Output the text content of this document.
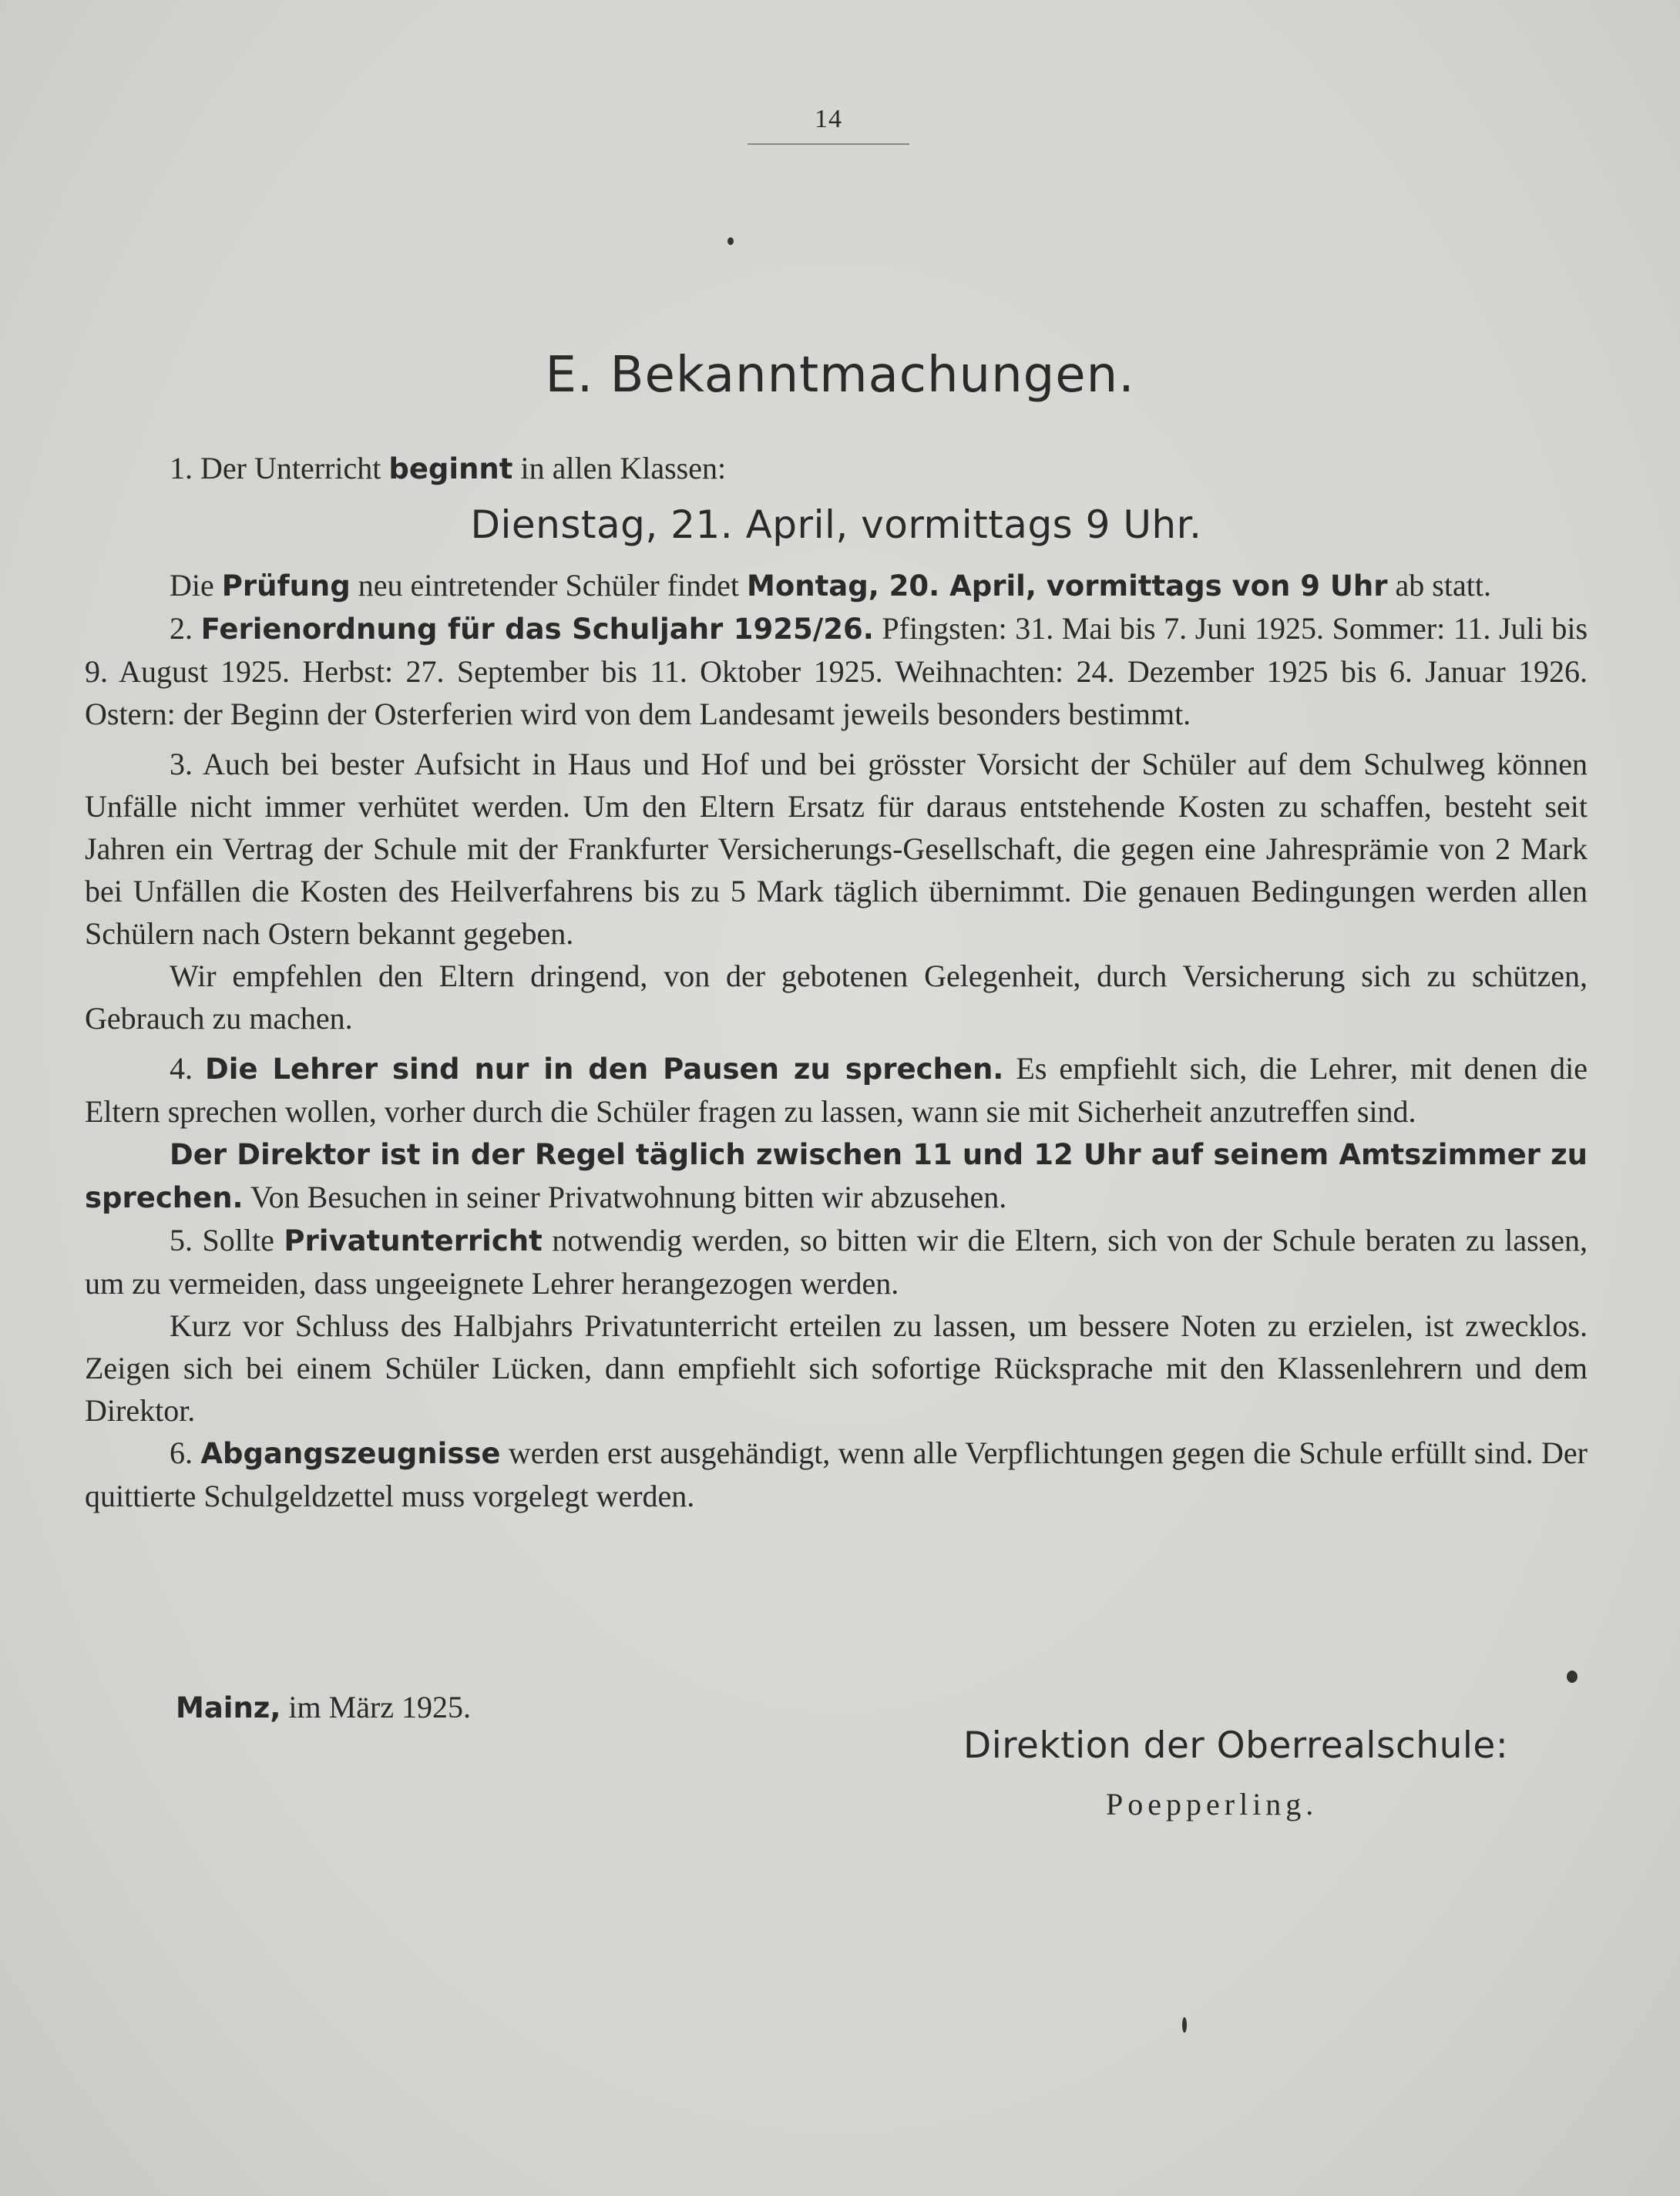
14
E. Bekanntmachungen.

1. Der Unterricht beginnt in allen Klassen:

Dienstag, 21. April, vormittags 9 Uhr.

Die Prüfung neu eintretender Schüler findet Montag, 20. April, vormittags von 9 Uhr ab statt.

2. Ferienordnung für das Schuljahr 1925/26. Pfingsten: 31. Mai bis 7. Juni 1925. Sommer: 11. Juli bis 9. August 1925. Herbst: 27. September bis 11. Oktober 1925. Weihnachten: 24. Dezember 1925 bis 6. Januar 1926. Ostern: der Beginn der Osterferien wird von dem Landesamt jeweils besonders bestimmt.

3. Auch bei bester Aufsicht in Haus und Hof und bei grösster Vorsicht der Schüler auf dem Schulweg können Unfälle nicht immer verhütet werden. Um den Eltern Ersatz für daraus entstehende Kosten zu schaffen, besteht seit Jahren ein Vertrag der Schule mit der Frankfurter Versicherungs-Gesellschaft, die gegen eine Jahresprämie von 2 Mark bei Unfällen die Kosten des Heilverfahrens bis zu 5 Mark täglich übernimmt. Die genauen Bedingungen werden allen Schülern nach Ostern bekannt gegeben.

Wir empfehlen den Eltern dringend, von der gebotenen Gelegenheit, durch Versicherung sich zu schützen, Gebrauch zu machen.

4. Die Lehrer sind nur in den Pausen zu sprechen. Es empfiehlt sich, die Lehrer, mit denen die Eltern sprechen wollen, vorher durch die Schüler fragen zu lassen, wann sie mit Sicherheit anzutreffen sind.

Der Direktor ist in der Regel täglich zwischen 11 und 12 Uhr auf seinem Amtszimmer zu sprechen. Von Besuchen in seiner Privatwohnung bitten wir abzusehen.

5. Sollte Privatunterricht notwendig werden, so bitten wir die Eltern, sich von der Schule beraten zu lassen, um zu vermeiden, dass ungeeignete Lehrer herangezogen werden.

Kurz vor Schluss des Halbjahrs Privatunterricht erteilen zu lassen, um bessere Noten zu erzielen, ist zwecklos. Zeigen sich bei einem Schüler Lücken, dann empfiehlt sich sofortige Rücksprache mit den Klassenlehrern und dem Direktor.

6. Abgangszeugnisse werden erst ausgehändigt, wenn alle Verpflichtungen gegen die Schule erfüllt sind. Der quittierte Schulgeldzettel muss vorgelegt werden.

Mainz, im März 1925.
Direktion der Oberrealschule:
Poepperling.
